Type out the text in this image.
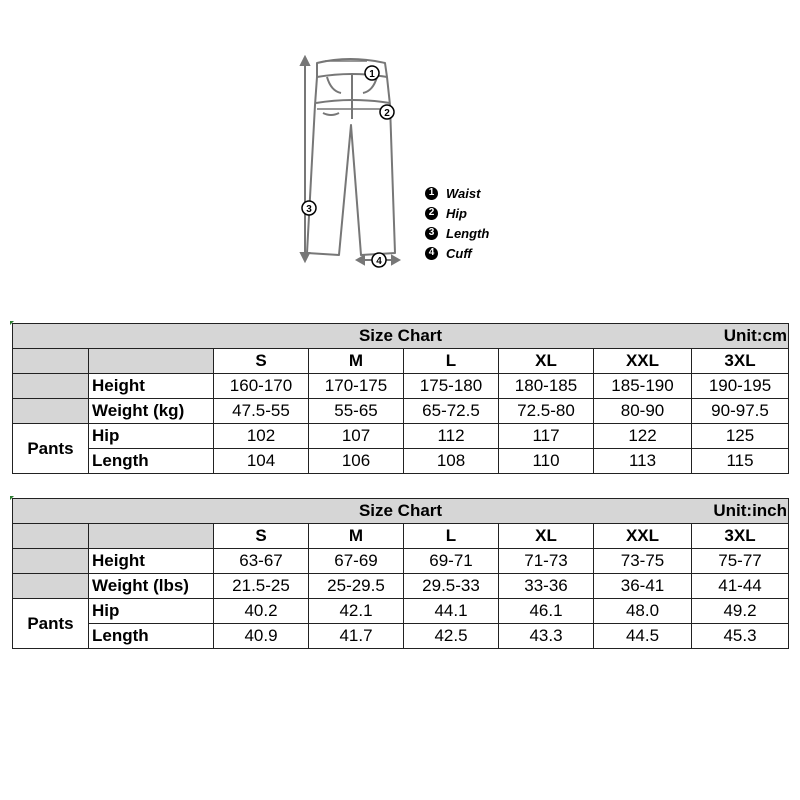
1
2
3
4
1 Waist
2 Hip
3 Length
4 Cuff
Size Chart Unit:cm							

		S	M	L	XL	XXL	3XL
	Height	160-170	170-175	175-180	180-185	185-190	190-195
	Weight (kg)	47.5-55	55-65	65-72.5	72.5-80	80-90	90-97.5
Pants	Hip	102	107	112	117	122	125
	Length	104	106	108	110	113	115
Size Chart Unit:inch							

		S	M	L	XL	XXL	3XL
	Height	63-67	67-69	69-71	71-73	73-75	75-77
	Weight (lbs)	21.5-25	25-29.5	29.5-33	33-36	36-41	41-44
Pants	Hip	40.2	42.1	44.1	46.1	48.0	49.2
	Length	40.9	41.7	42.5	43.3	44.5	45.3
